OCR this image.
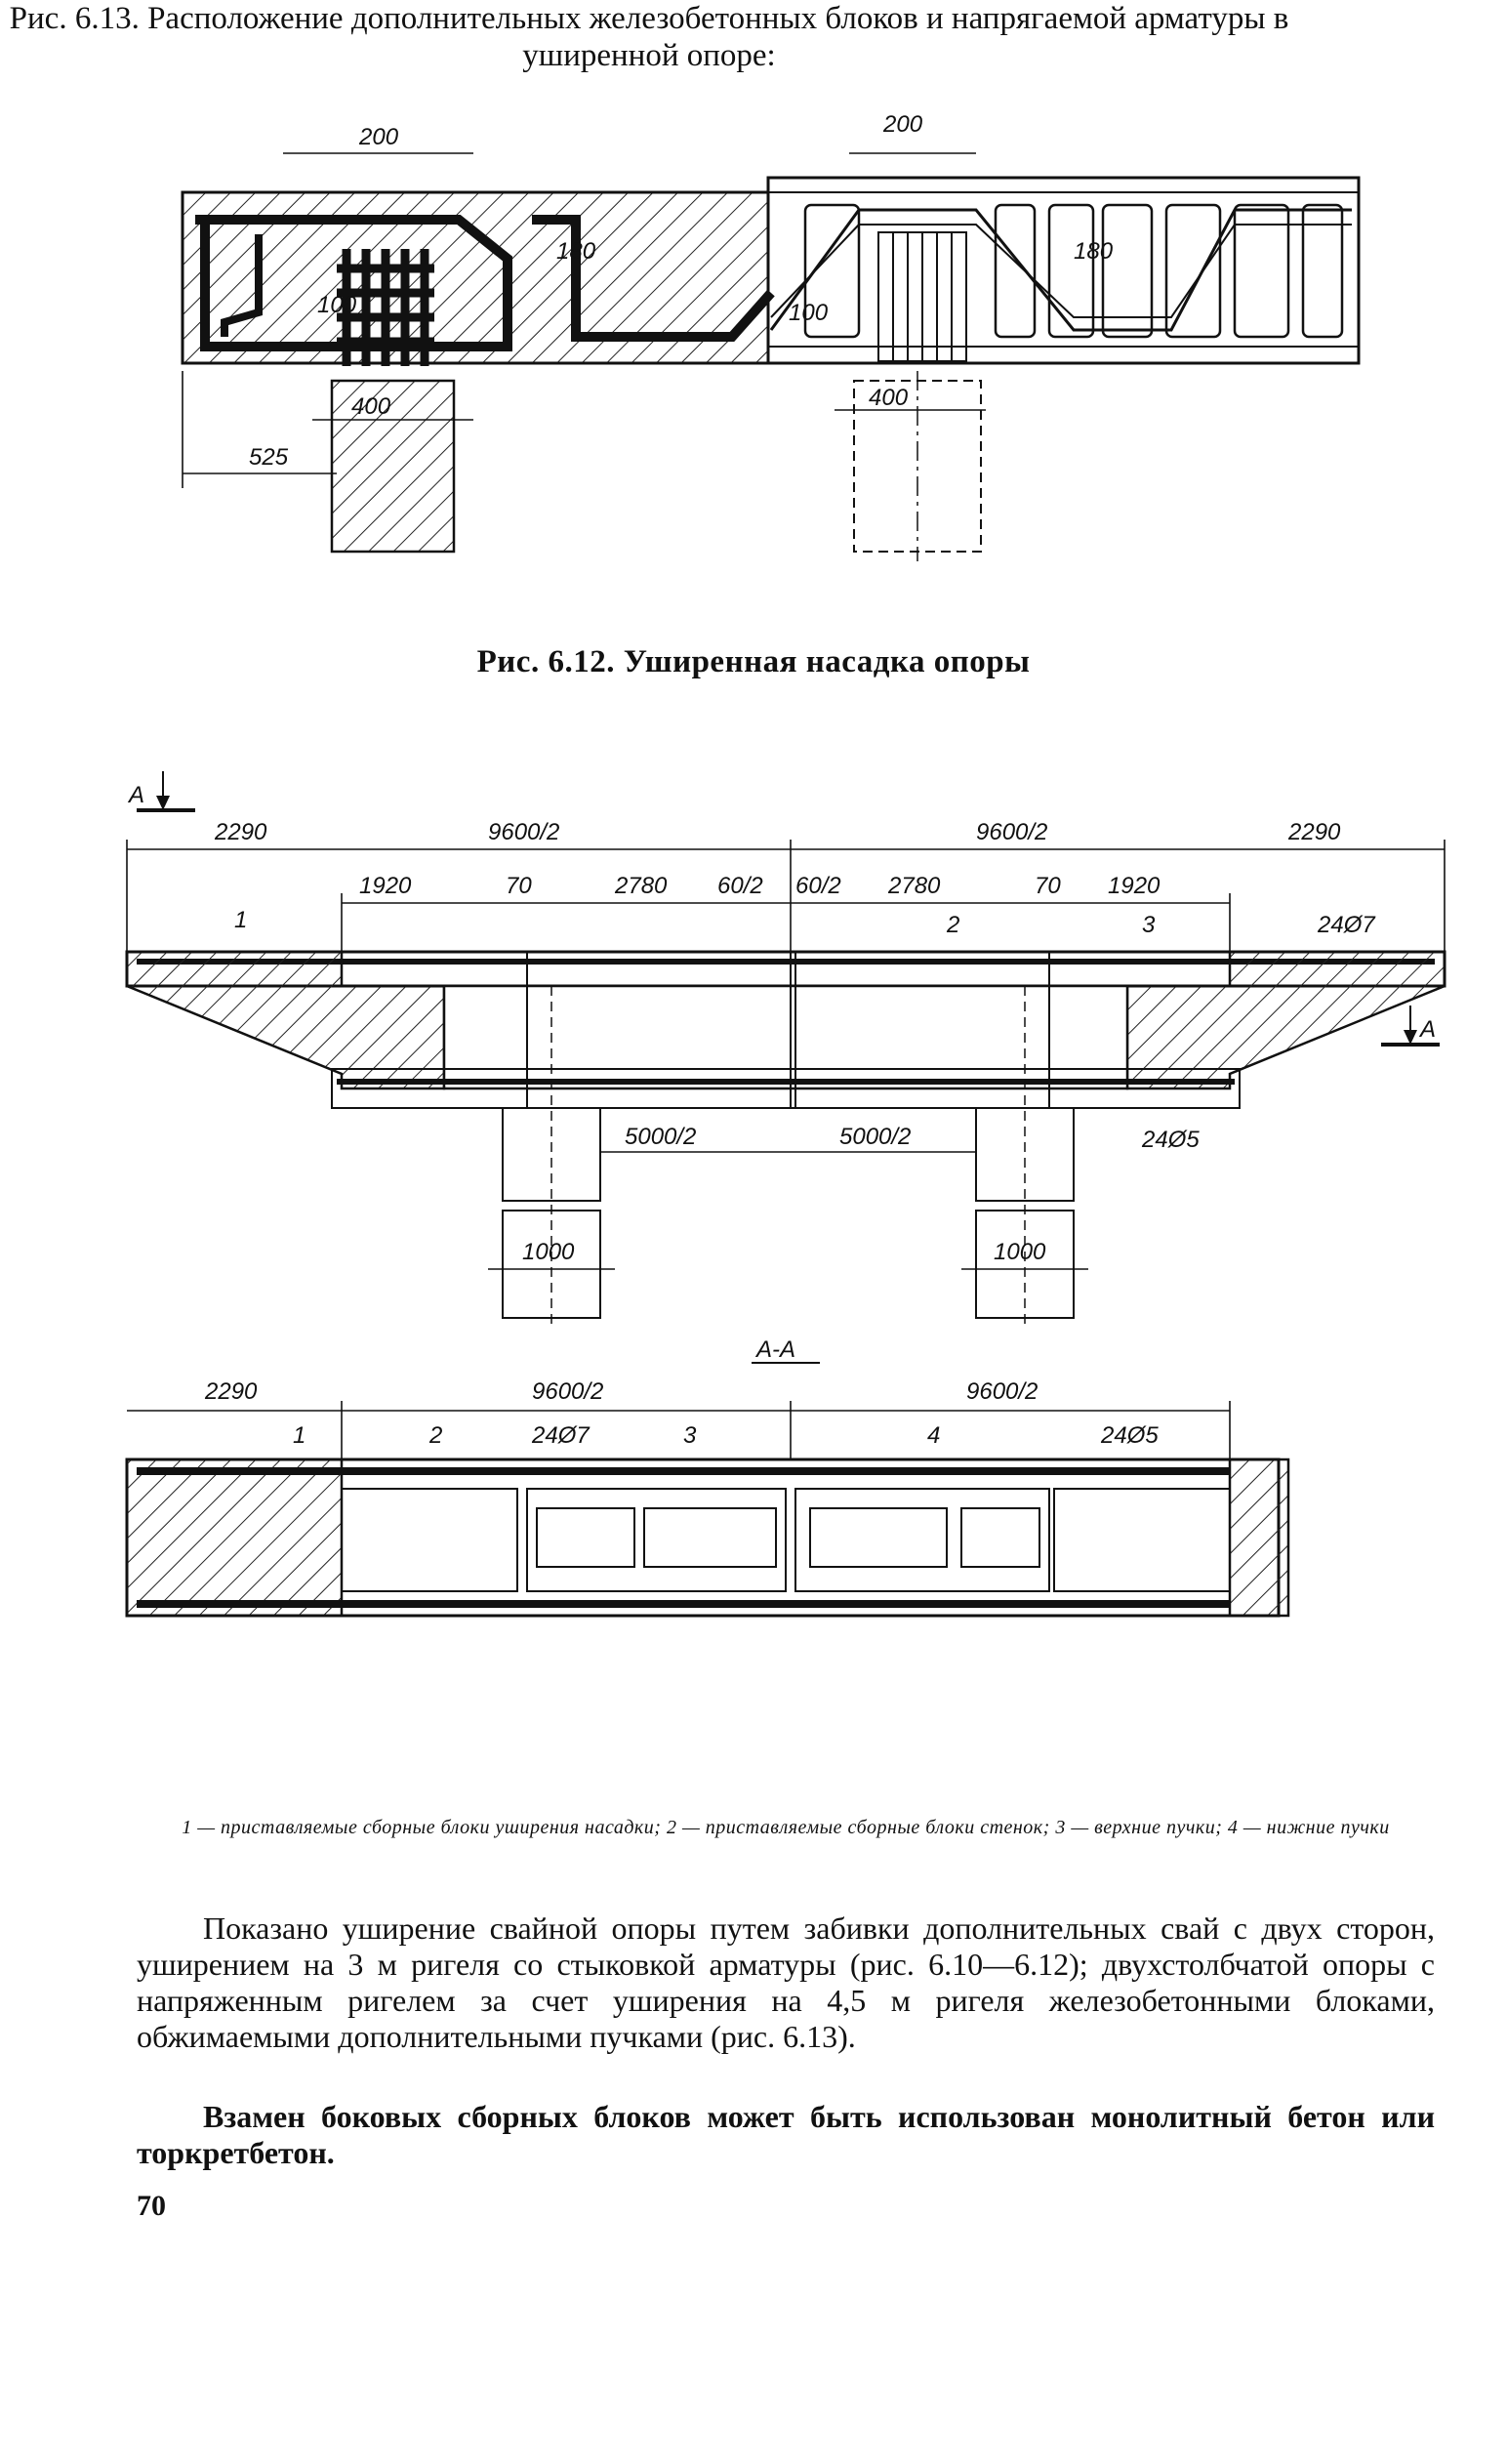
200	200
180	180
100	100
400	400
525
A
A
2290	9600/2	9600/2	2290
1920	70	2780 60/2 60/2 2780	70 1920
1	2	3	24Ø7
5000/2	5000/2
1000	1000
24Ø5
А-А
2290	9600/2	9600/2
1	2	24Ø7	3	4	24Ø5
Рис. 6.12. Уширенная насадка опоры
Рис. 6.13. Расположение дополнительных железобетонных блоков и напрягаемой арматуры в уширенной опоре:
1 — приставляемые сборные блоки уширения насадки; 2 — приставляемые сборные блоки стенок; 3 — верхние пучки; 4 — нижние пучки
Показано уширение свайной опоры путем забивки дополнительных свай с двух сторон, уширением на 3 м ригеля со стыковкой арматуры (рис. 6.10—6.12); двухстолбчатой опоры с напряженным ригелем за счет уширения на 4,5 м ригеля железобетонными блоками, обжимаемыми дополнительными пучками (рис. 6.13).
Взамен боковых сборных блоков может быть использован монолитный бетон или торкретбетон.
70
